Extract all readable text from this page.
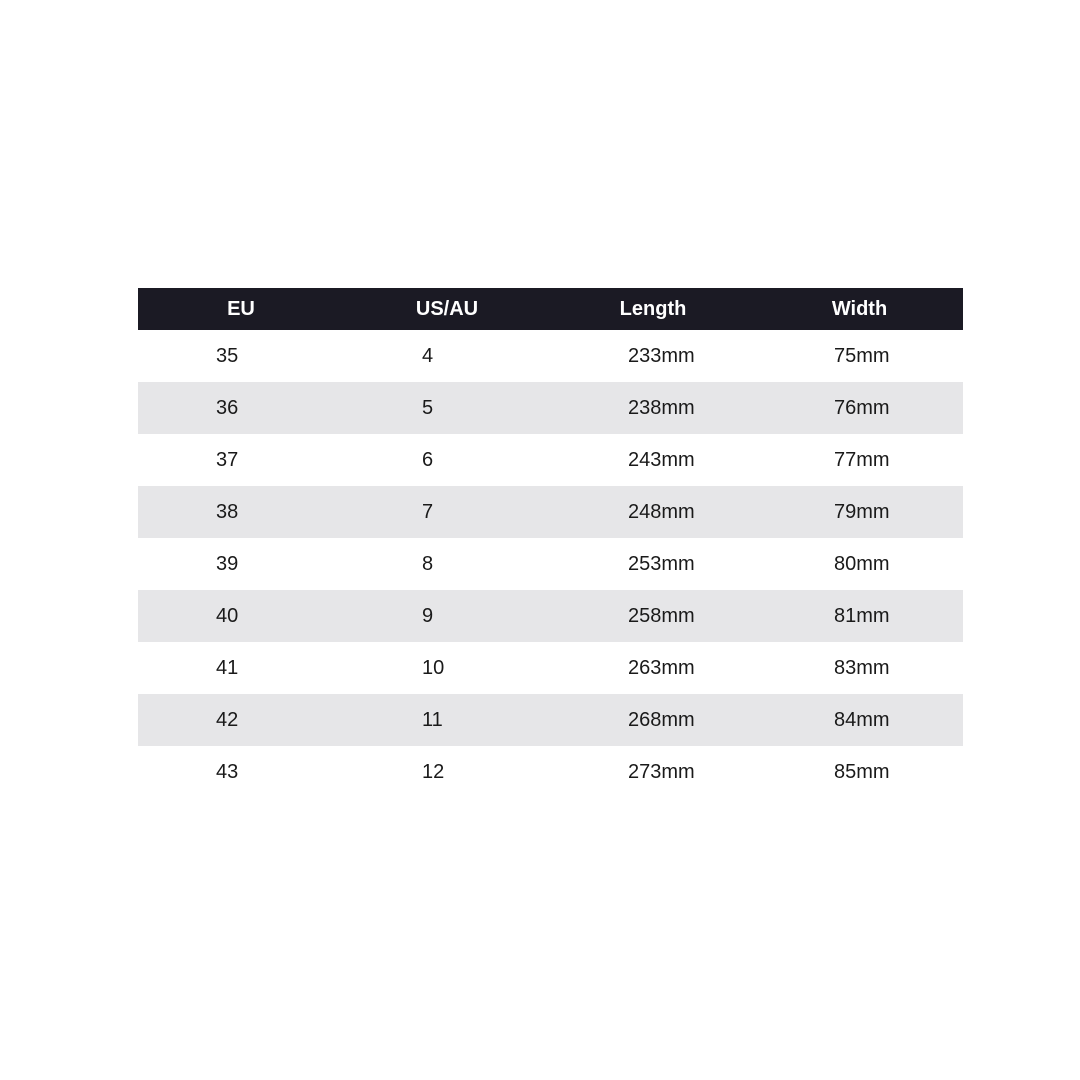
EU	US/AU	Length	Width
35	4	233mm	75mm
36	5	238mm	76mm
37	6	243mm	77mm
38	7	248mm	79mm
39	8	253mm	80mm
40	9	258mm	81mm
41	10	263mm	83mm
42	11	268mm	84mm
43	12	273mm	85mm
